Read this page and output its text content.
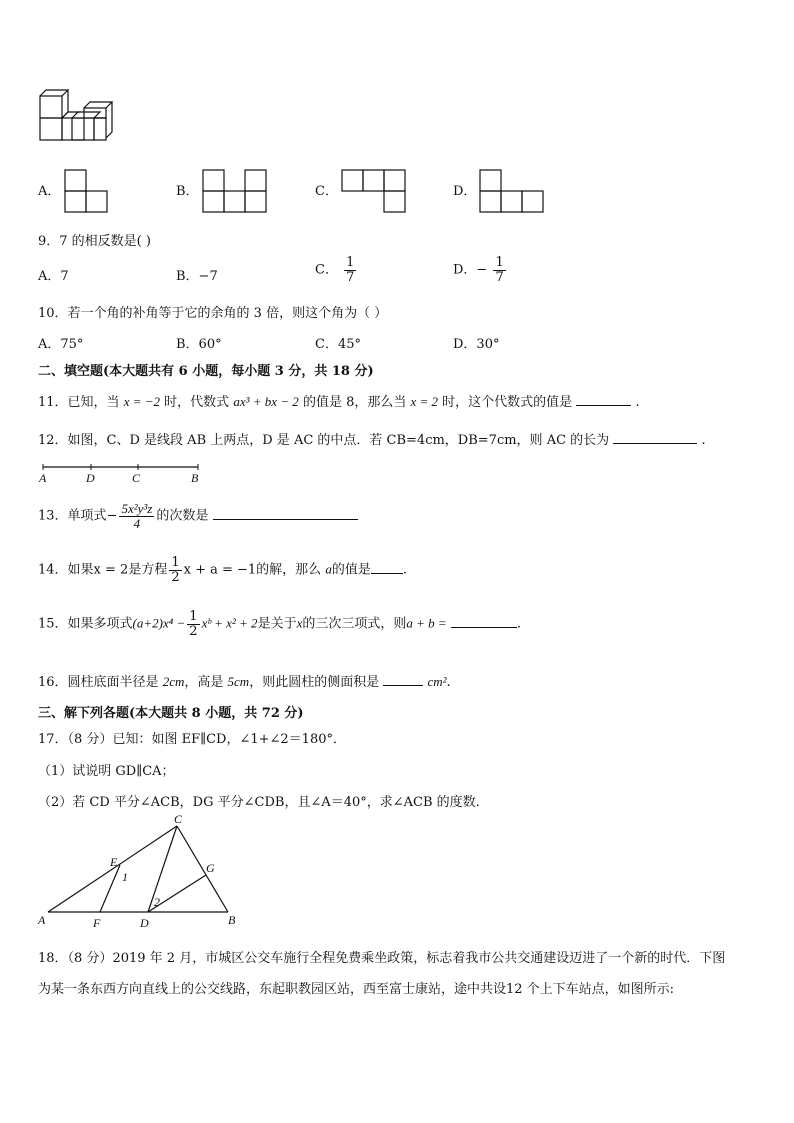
A．	B．	C．	D．
9．7 的相反数是( )
A．7	B．−7	C． $\frac{1}{7}$	D．− $\frac{1}{7}$
10．若一个角的补角等于它的余角的 3 倍，则这个角为（ ）
A．75°	B．60°	C．45°	D．30°
二、填空题(本大题共有 6 小题，每小题 3 分，共 18 分)
11．已知，当 x = −2 时，代数式 ax³ + bx − 2 的值是 8，那么当 x = 2 时，这个代数式的值是	.
12．如图，C、D 是线段 AB 上两点，D 是 AC 的中点．若 CB=4cm，DB=7cm，则 AC 的长为	.
A	D	C	B
13．单项式− $\frac{\text{5x²y³z}}{4}$ 的次数是
14．如果x = 2是方程 $\frac{1}{2}$ x + a = −1的解，那么 a的值是 .
15．如果多项式$(a+2)x^4 - \frac{1}{2}$ xᵇ + x² + 2是关于x的三次三项式，则a + b =	.
16．圆柱底面半径是 2cm，高是 5cm，则此圆柱的侧面积是	cm².
三、解下列各题(本大题共 8 小题，共 72 分)
17．（8 分）已知：如图 EF∥CD，∠1+∠2＝180°．
（1）试说明 GD∥CA；
（2）若 CD 平分∠ACB，DG 平分∠CDB，且∠A＝40°，求∠ACB 的度数．
C
E
1
G
2
A	F	D	B
18．（8 分）2019 年 2 月，市城区公交车施行全程免费乘坐政策，标志着我市公共交通建设迈进了一个新的时代．下图
为某一条东西方向直线上的公交线路，东起职教园区站，西至富士康站，途中共设12 个上下车站点，如图所示:
